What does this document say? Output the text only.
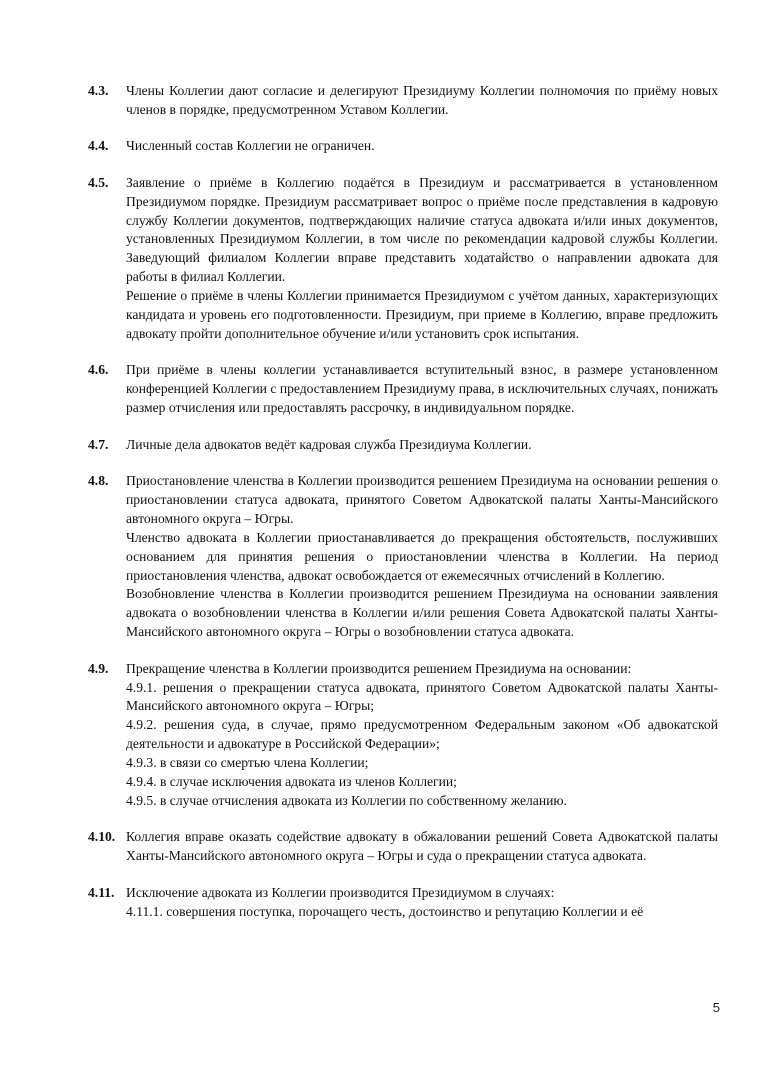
4.3.	Члены Коллегии дают согласие и делегируют Президиуму Коллегии полномочия по приёму новых членов в порядке, предусмотренном Уставом Коллегии.

4.4.	Численный состав Коллегии не ограничен.

4.5.	Заявление о приёме в Коллегию подаётся в Президиум и рассматривается в установленном Президиумом порядке. Президиум рассматривает вопрос о приёме после представления в кадровую службу Коллегии документов, подтверждающих наличие статуса адвоката и/или иных документов, установленных Президиумом Коллегии, в том числе по рекомендации кадровой службы Коллегии. Заведующий филиалом Коллегии вправе представить ходатайство о направлении адвоката для работы в филиал Коллегии.

Решение о приёме в члены Коллегии принимается Президиумом с учётом данных, характеризующих кандидата и уровень его подготовленности. Президиум, при приеме в Коллегию, вправе предложить адвокату пройти дополнительное обучение и/или установить срок испытания.

4.6.	При приёме в члены коллегии устанавливается вступительный взнос, в размере установленном конференцией Коллегии с предоставлением Президиуму права, в исключительных случаях, понижать размер отчисления или предоставлять рассрочку, в индивидуальном порядке.

4.7.	Личные дела адвокатов ведёт кадровая служба Президиума Коллегии.

4.8.	Приостановление членства в Коллегии производится решением Президиума на основании решения о приостановлении статуса адвоката, принятого Советом Адвокатской палаты Ханты-Мансийского автономного округа – Югры.

Членство адвоката в Коллегии приостанавливается до прекращения обстоятельств, послуживших основанием для принятия решения о приостановлении членства в Коллегии. На период приостановления членства, адвокат освобождается от ежемесячных отчислений в Коллегию.

Возобновление членства в Коллегии производится решением Президиума на основании заявления адвоката о возобновлении членства в Коллегии и/или решения Совета Адвокатской палаты Ханты-Мансийского автономного округа – Югры о возобновлении статуса адвоката.

4.9.	Прекращение членства в Коллегии производится решением Президиума на основании:

4.9.1. решения о прекращении статуса адвоката, принятого Советом Адвокатской палаты Ханты-Мансийского автономного округа – Югры;

4.9.2. решения суда, в случае, прямо предусмотренном Федеральным законом «Об адвокатской деятельности и адвокатуре в Российской Федерации»;

4.9.3. в связи со смертью члена Коллегии;

4.9.4. в случае исключения адвоката из членов Коллегии;

4.9.5. в случае отчисления адвоката из Коллегии по собственному желанию.

4.10. Коллегия вправе оказать содействие адвокату в обжаловании решений Совета Адвокатской палаты Ханты-Мансийского автономного округа – Югры и суда о прекращении статуса адвоката.

4.11. Исключение адвоката из Коллегии производится Президиумом в случаях:

4.11.1. совершения поступка, порочащего честь, достоинство и репутацию Коллегии и её

5
